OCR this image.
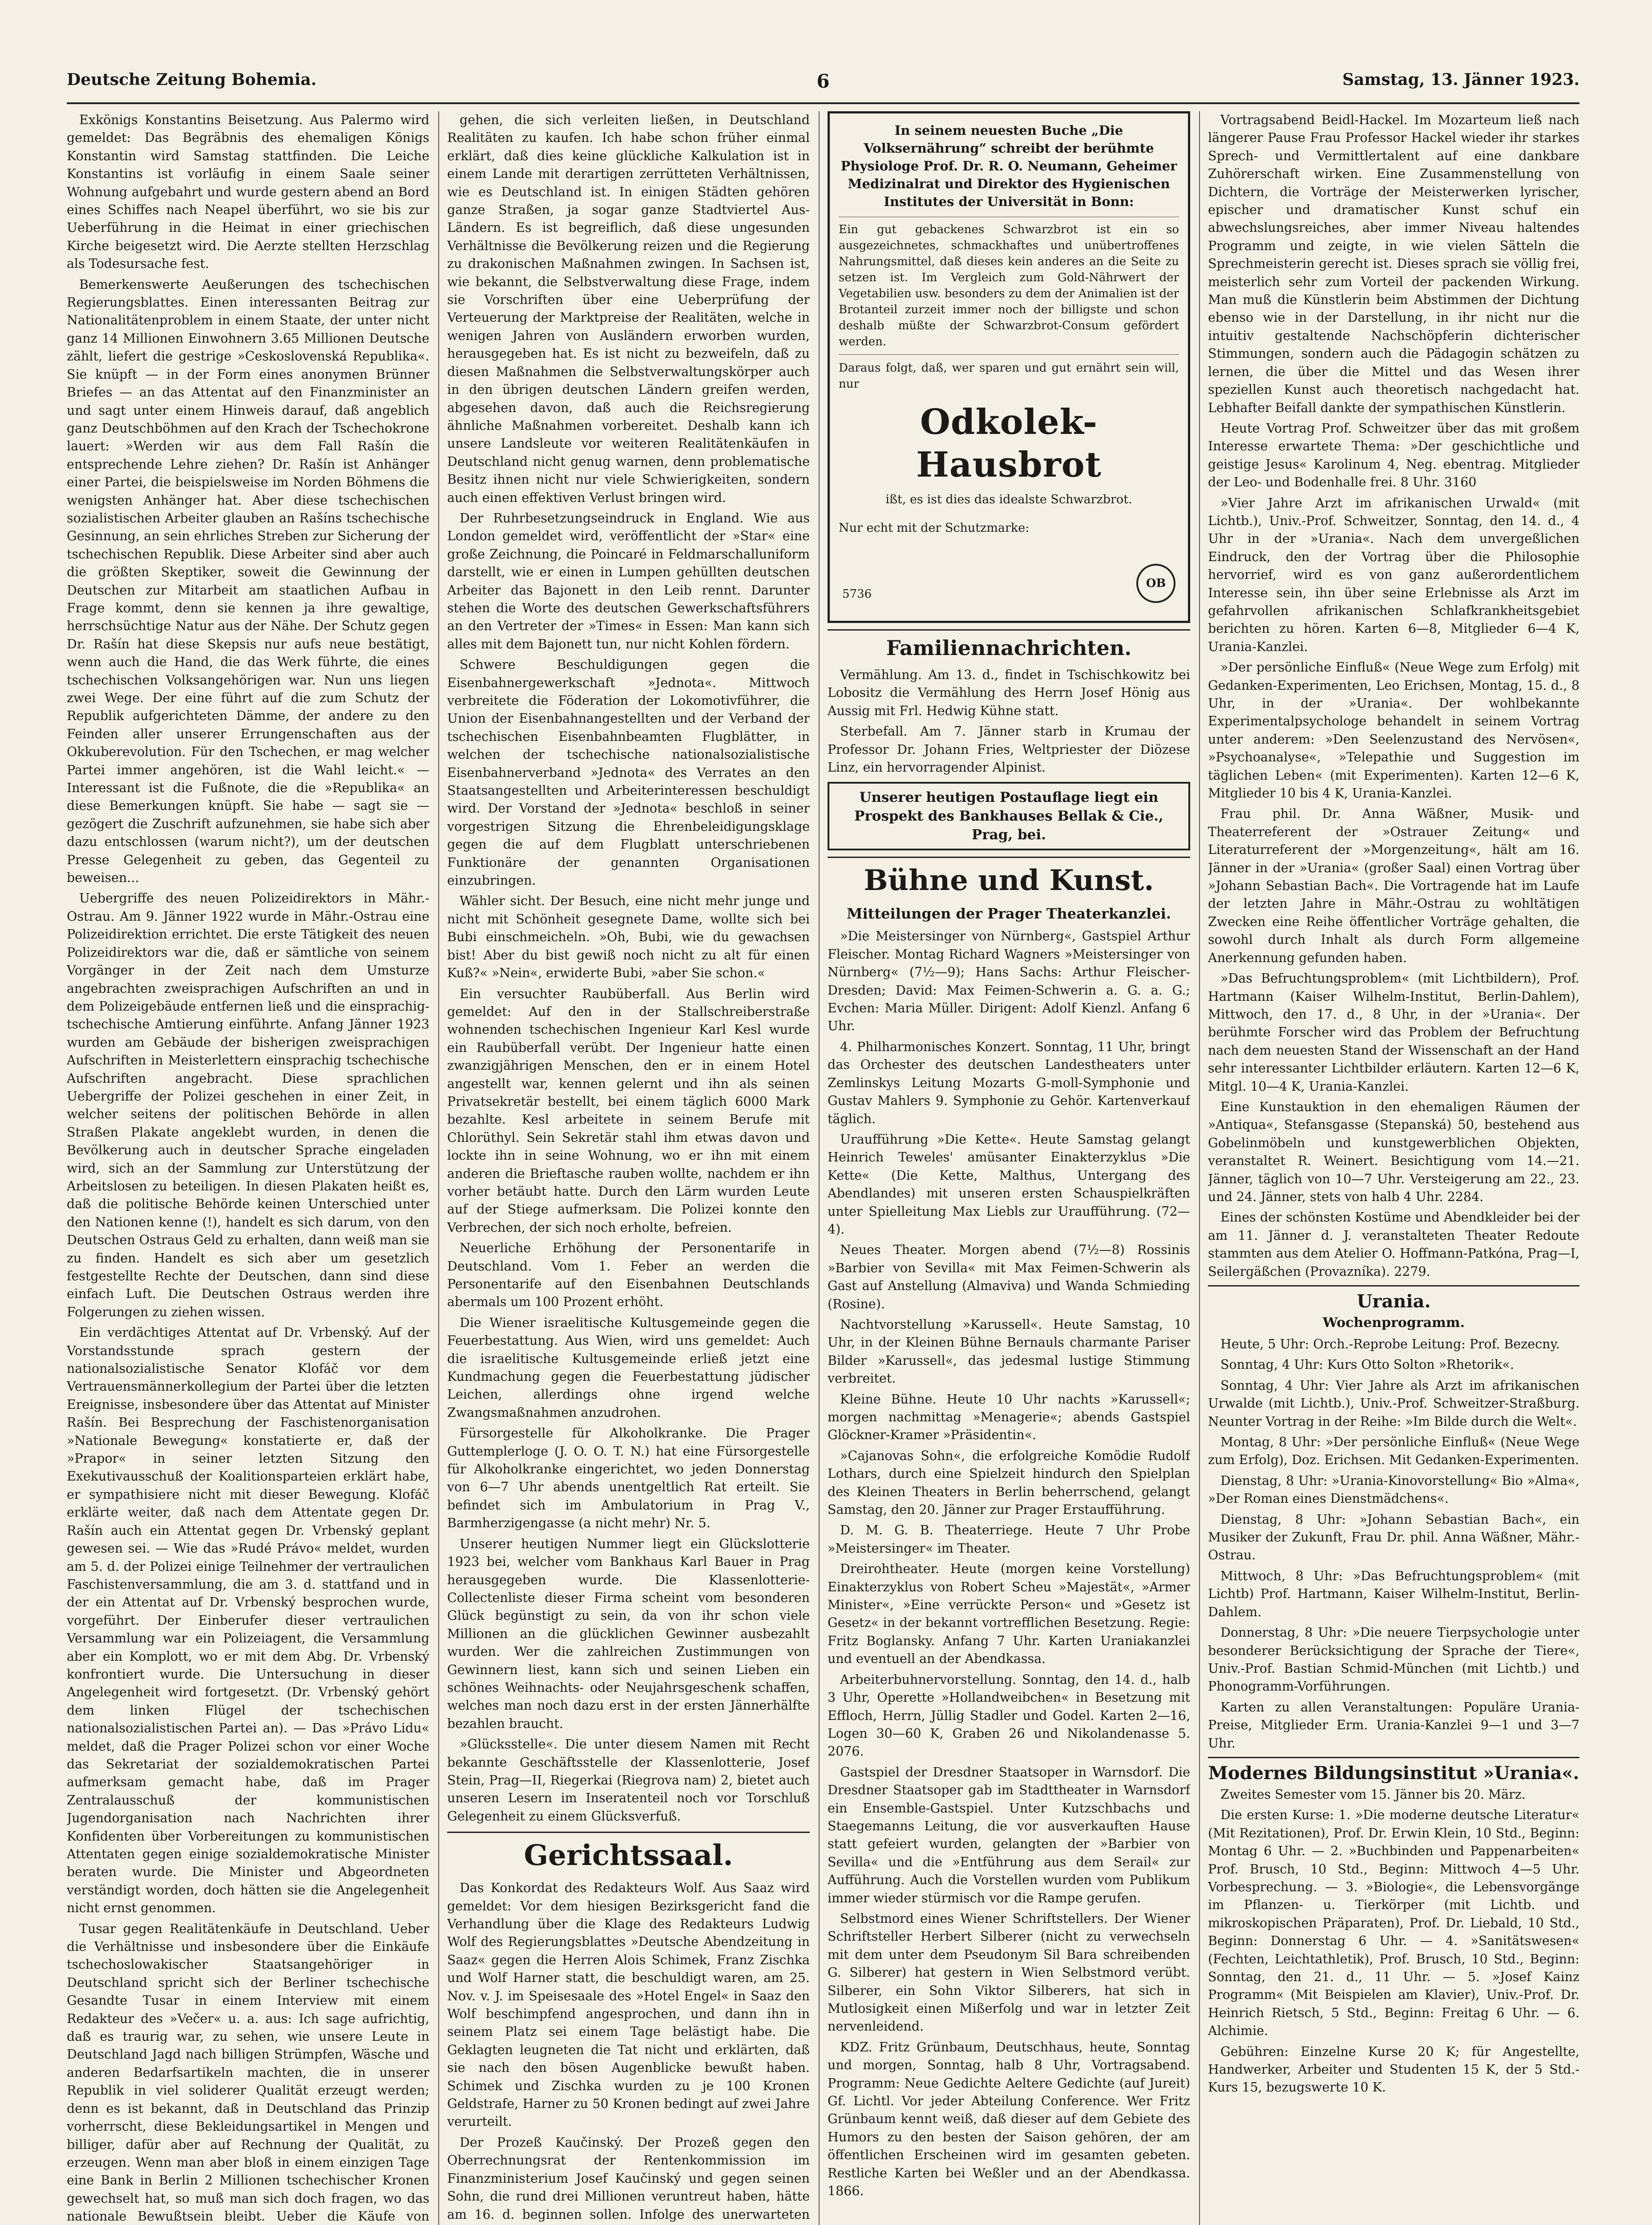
Deutsche Zeitung Bohemia.	6	Samstag, 13. Jänner 1923.

Exkönigs Konstantins Beisetzung. Aus Palermo wird gemeldet: Das Begräbnis des ehemaligen Königs Konstantin wird Samstag stattfinden. Die Leiche Konstantins ist vorläufig in einem Saale seiner Wohnung aufgebahrt und wurde gestern abend an Bord eines Schiffes nach Neapel überführt, wo sie bis zur Ueberführung in die Heimat in einer griechischen Kirche beigesetzt wird. Die Aerzte stellten Herzschlag als Todesursache fest.

Bemerkenswerte Aeußerungen des tschechischen Regierungsblattes. Einen interessanten Beitrag zur Nationalitätenproblem in einem Staate, der unter nicht ganz 14 Millionen Einwohnern 3.65 Millionen Deutsche zählt, liefert die gestrige »Ceskoslovenská Republika«. Sie knüpft — in der Form eines anonymen Brünner Briefes — an das Attentat auf den Finanzminister an und sagt unter einem Hinweis darauf, daß angeblich ganz Deutschböhmen auf den Krach der Tschechokrone lauert: »Werden wir aus dem Fall Rašín die entsprechende Lehre ziehen? Dr. Rašín ist Anhänger einer Partei, die beispielsweise im Norden Böhmens die wenigsten Anhänger hat. Aber diese tschechischen sozialistischen Arbeiter glauben an Rašíns tschechische Gesinnung, an sein ehrliches Streben zur Sicherung der tschechischen Republik. Diese Arbeiter sind aber auch die größten Skeptiker, soweit die Gewinnung der Deutschen zur Mitarbeit am staatlichen Aufbau in Frage kommt, denn sie kennen ja ihre gewaltige, herrschsüchtige Natur aus der Nähe. Der Schutz gegen Dr. Rašín hat diese Skepsis nur aufs neue bestätigt, wenn auch die Hand, die das Werk führte, die eines tschechischen Volksangehörigen war. Nun uns liegen zwei Wege. Der eine führt auf die zum Schutz der Republik aufgerichteten Dämme, der andere zu den Feinden aller unserer Errungenschaften aus der Okkuberevolution. Für den Tschechen, er mag welcher Partei immer angehören, ist die Wahl leicht.« — Interessant ist die Fußnote, die die »Republika« an diese Bemerkungen knüpft. Sie habe — sagt sie — gezögert die Zuschrift aufzunehmen, sie habe sich aber dazu entschlossen (warum nicht?), um der deutschen Presse Gelegenheit zu geben, das Gegenteil zu beweisen...

Uebergriffe des neuen Polizeidirektors in Mähr.-Ostrau. Am 9. Jänner 1922 wurde in Mähr.-Ostrau eine Polizeidirektion errichtet. Die erste Tätigkeit des neuen Polizeidirektors war die, daß er sämtliche von seinem Vorgänger in der Zeit nach dem Umsturze angebrachten zweisprachigen Aufschriften an und in dem Polizeigebäude entfernen ließ und die einsprachig-tschechische Amtierung einführte. Anfang Jänner 1923 wurden am Gebäude der bisherigen zweisprachigen Aufschriften in Meisterlettern einsprachig tschechische Aufschriften angebracht. Diese sprachlichen Uebergriffe der Polizei geschehen in einer Zeit, in welcher seitens der politischen Behörde in allen Straßen Plakate angeklebt wurden, in denen die Bevölkerung auch in deutscher Sprache eingeladen wird, sich an der Sammlung zur Unterstützung der Arbeitslosen zu beteiligen. In diesen Plakaten heißt es, daß die politische Behörde keinen Unterschied unter den Nationen kenne (!), handelt es sich darum, von den Deutschen Ostraus Geld zu erhalten, dann weiß man sie zu finden. Handelt es sich aber um gesetzlich festgestellte Rechte der Deutschen, dann sind diese einfach Luft. Die Deutschen Ostraus werden ihre Folgerungen zu ziehen wissen.

Ein verdächtiges Attentat auf Dr. Vrbenský. Auf der Vorstandsstunde sprach gestern der nationalsozialistische Senator Klofáč vor dem Vertrauensmännerkollegium der Partei über die letzten Ereignisse, insbesondere über das Attentat auf Minister Rašín. Bei Besprechung der Faschistenorganisation »Nationale Bewegung« konstatierte er, daß der »Prapor« in seiner letzten Sitzung den Exekutivausschuß der Koalitionsparteien erklärt habe, er sympathisiere nicht mit dieser Bewegung. Klofáč erklärte weiter, daß nach dem Attentate gegen Dr. Rašín auch ein Attentat gegen Dr. Vrbenský geplant gewesen sei. — Wie das »Rudé Právo« meldet, wurden am 5. d. der Polizei einige Teilnehmer der vertraulichen Faschistenversammlung, die am 3. d. stattfand und in der ein Attentat auf Dr. Vrbenský besprochen wurde, vorgeführt. Der Einberufer dieser vertraulichen Versammlung war ein Polizeiagent, die Versammlung aber ein Komplott, wo er mit dem Abg. Dr. Vrbenský konfrontiert wurde. Die Untersuchung in dieser Angelegenheit wird fortgesetzt. (Dr. Vrbenský gehört dem linken Flügel der tschechischen nationalsozialistischen Partei an). — Das »Právo Lidu« meldet, daß die Prager Polizei schon vor einer Woche das Sekretariat der sozialdemokratischen Partei aufmerksam gemacht habe, daß im Prager Zentralausschuß der kommunistischen Jugendorganisation nach Nachrichten ihrer Konfidenten über Vorbereitungen zu kommunistischen Attentaten gegen einige sozialdemokratische Minister beraten wurde. Die Minister und Abgeordneten verständigt worden, doch hätten sie die Angelegenheit nicht ernst genommen.

Tusar gegen Realitätenkäufe in Deutschland. Ueber die Verhältnisse und insbesondere über die Einkäufe tschechoslowakischer Staatsangehöriger in Deutschland spricht sich der Berliner tschechische Gesandte Tusar in einem Interview mit einem Redakteur des »Večer« u. a. aus: Ich sage aufrichtig, daß es traurig war, zu sehen, wie unsere Leute in Deutschland Jagd nach billigen Strümpfen, Wäsche und anderen Bedarfsartikeln machten, die in unserer Republik in viel soliderer Qualität erzeugt werden; denn es ist bekannt, daß in Deutschland das Prinzip vorherrscht, diese Bekleidungsartikel in Mengen und billiger, dafür aber auf Rechnung der Qualität, zu erzeugen. Wenn man aber bloß in einem einzigen Tage eine Bank in Berlin 2 Millionen tschechischer Kronen gewechselt hat, so muß man sich doch fragen, wo das nationale Bewußtsein bleibt. Ueber die Käufe von

gehen, die sich verleiten ließen, in Deutschland Realitäten zu kaufen. Ich habe schon früher einmal erklärt, daß dies keine glückliche Kalkulation ist in einem Lande mit derartigen zerrütteten Verhältnissen, wie es Deutschland ist. In einigen Städten gehören ganze Straßen, ja sogar ganze Stadtviertel Aus-Ländern. Es ist begreiflich, daß diese ungesunden Verhältnisse die Bevölkerung reizen und die Regierung zu drakonischen Maßnahmen zwingen. In Sachsen ist, wie bekannt, die Selbstverwaltung diese Frage, indem sie Vorschriften über eine Ueberprüfung der Verteuerung der Marktpreise der Realitäten, welche in wenigen Jahren von Ausländern erworben wurden, herausgegeben hat. Es ist nicht zu bezweifeln, daß zu diesen Maßnahmen die Selbstverwaltungskörper auch in den übrigen deutschen Ländern greifen werden, abgesehen davon, daß auch die Reichsregierung ähnliche Maßnahmen vorbereitet. Deshalb kann ich unsere Landsleute vor weiteren Realitätenkäufen in Deutschland nicht genug warnen, denn problematische Besitz ihnen nicht nur viele Schwierigkeiten, sondern auch einen effektiven Verlust bringen wird.

Der Ruhrbesetzungseindruck in England. Wie aus London gemeldet wird, veröffentlicht der »Star« eine große Zeichnung, die Poincaré in Feldmarschalluniform darstellt, wie er einen in Lumpen gehüllten deutschen Arbeiter das Bajonett in den Leib rennt. Darunter stehen die Worte des deutschen Gewerkschaftsführers an den Vertreter der »Times« in Essen: Man kann sich alles mit dem Bajonett tun, nur nicht Kohlen fördern.

Schwere Beschuldigungen gegen die Eisenbahnergewerkschaft »Jednota«. Mittwoch verbreitete die Föderation der Lokomotivführer, die Union der Eisenbahnangestellten und der Verband der tschechischen Eisenbahnbeamten Flugblätter, in welchen der tschechische nationalsozialistische Eisenbahnerverband »Jednota« des Verrates an den Staatsangestellten und Arbeiterinteressen beschuldigt wird. Der Vorstand der »Jednota« beschloß in seiner vorgestrigen Sitzung die Ehrenbeleidigungsklage gegen die auf dem Flugblatt unterschriebenen Funktionäre der genannten Organisationen einzubringen.

Wähler sicht. Der Besuch, eine nicht mehr junge und nicht mit Schönheit gesegnete Dame, wollte sich bei Bubi einschmeicheln. »Oh, Bubi, wie du gewachsen bist! Aber du bist gewiß noch nicht zu alt für einen Kuß?« »Nein«, erwiderte Bubi, »aber Sie schon.«

Ein versuchter Raubüberfall. Aus Berlin wird gemeldet: Auf den in der Stallschreiberstraße wohnenden tschechischen Ingenieur Karl Kesl wurde ein Raubüberfall verübt. Der Ingenieur hatte einen zwanzigjährigen Menschen, den er in einem Hotel angestellt war, kennen gelernt und ihn als seinen Privatsekretär bestellt, bei einem täglich 6000 Mark bezahlte. Kesl arbeitete in seinem Berufe mit Chlorüthyl. Sein Sekretär stahl ihm etwas davon und lockte ihn in seine Wohnung, wo er ihn mit einem anderen die Brieftasche rauben wollte, nachdem er ihn vorher betäubt hatte. Durch den Lärm wurden Leute auf der Stiege aufmerksam. Die Polizei konnte den Verbrechen, der sich noch erholte, befreien.

Neuerliche Erhöhung der Personentarife in Deutschland. Vom 1. Feber an werden die Personentarife auf den Eisenbahnen Deutschlands abermals um 100 Prozent erhöht.

Die Wiener israelitische Kultusgemeinde gegen die Feuerbestattung. Aus Wien, wird uns gemeldet: Auch die israelitische Kultusgemeinde erließ jetzt eine Kundmachung gegen die Feuerbestattung jüdischer Leichen, allerdings ohne irgend welche Zwangsmaßnahmen anzudrohen.

Fürsorgestelle für Alkoholkranke. Die Prager Guttemplerloge (J. O. O. T. N.) hat eine Fürsorgestelle für Alkoholkranke eingerichtet, wo jeden Donnerstag von 6—7 Uhr abends unentgeltlich Rat erteilt. Sie befindet sich im Ambulatorium in Prag V., Barmherzigengasse (a nicht mehr) Nr. 5.

Unserer heutigen Nummer liegt ein Glückslotterie 1923 bei, welcher vom Bankhaus Karl Bauer in Prag herausgegeben wurde. Die Klassenlotterie-Collectenliste dieser Firma scheint vom besonderen Glück begünstigt zu sein, da von ihr schon viele Millionen an die glücklichen Gewinner ausbezahlt wurden. Wer die zahlreichen Zustimmungen von Gewinnern liest, kann sich und seinen Lieben ein schönes Weihnachts- oder Neujahrsgeschenk schaffen, welches man noch dazu erst in der ersten Jännerhälfte bezahlen braucht.

»Glücksstelle«. Die unter diesem Namen mit Recht bekannte Geschäftsstelle der Klassenlotterie, Josef Stein, Prag—II, Riegerkai (Riegrova nam) 2, bietet auch unseren Lesern im Inseratenteil noch vor Torschluß Gelegenheit zu einem Glücksverfuß.

Gerichtssaal.

Das Konkordat des Redakteurs Wolf. Aus Saaz wird gemeldet: Vor dem hiesigen Bezirksgericht fand die Verhandlung über die Klage des Redakteurs Ludwig Wolf des Regierungsblattes »Deutsche Abendzeitung in Saaz« gegen die Herren Alois Schimek, Franz Zischka und Wolf Harner statt, die beschuldigt waren, am 25. Nov. v. J. im Speisesaale des »Hotel Engel« in Saaz den Wolf beschimpfend angesprochen, und dann ihn in seinem Platz sei einem Tage belästigt habe. Die Geklagten leugneten die Tat nicht und erklärten, daß sie nach den bösen Augenblicke bewußt haben. Schimek und Zischka wurden zu je 100 Kronen Geldstrafe, Harner zu 50 Kronen bedingt auf zwei Jahre verurteilt.

Der Prozeß Kaučinský. Der Prozeß gegen den Oberrechnungsrat der Rentenkommission im Finanzministerium Josef Kaučinský und gegen seinen Sohn, die rund drei Millionen veruntreut haben, hätte am 16. d. beginnen sollen. Infolge des unerwarteten

In seinem neuesten Buche „Die Volksernährung“ schreibt der berühmte Physiologe Prof. Dr. R. O. Neumann, Geheimer Medizinalrat und Direktor des Hygienischen Institutes der Universität in Bonn:
Ein gut gebackenes Schwarzbrot ist ein so ausgezeichnetes, schmackhaftes und unübertroffenes Nahrungsmittel, daß dieses kein anderes an die Seite zu setzen ist. Im Vergleich zum Gold-Nährwert der Vegetabilien usw. besonders zu dem der Animalien ist der Brotanteil zurzeit immer noch der billigste und schon deshalb müßte der Schwarzbrot-Consum gefördert werden.
Daraus folgt, daß, wer sparen und gut ernährt sein will, nur
Odkolek-Hausbrot
ißt, es ist dies das idealste Schwarzbrot.
Nur echt mit der Schutzmarke:
5736
OB
Familiennachrichten.

Vermählung. Am 13. d., findet in Tschischkowitz bei Lobositz die Vermählung des Herrn Josef Hönig aus Aussig mit Frl. Hedwig Kühne statt.

Sterbefall. Am 7. Jänner starb in Krumau der Professor Dr. Johann Fries, Weltpriester der Diözese Linz, ein hervorragender Alpinist.

Unserer heutigen Postauflage liegt ein Prospekt des Bankhauses Bellak & Cie., Prag, bei.
Bühne und Kunst.
Mitteilungen der Prager Theaterkanzlei.

»Die Meistersinger von Nürnberg«, Gastspiel Arthur Fleischer. Montag Richard Wagners »Meistersinger von Nürnberg« (7½—9); Hans Sachs: Arthur Fleischer-Dresden; David: Max Feimen-Schwerin a. G. a. G.; Evchen: Maria Müller. Dirigent: Adolf Kienzl. Anfang 6 Uhr.

4. Philharmonisches Konzert. Sonntag, 11 Uhr, bringt das Orchester des deutschen Landestheaters unter Zemlinskys Leitung Mozarts G-moll-Symphonie und Gustav Mahlers 9. Symphonie zu Gehör. Kartenverkauf täglich.

Uraufführung »Die Kette«. Heute Samstag gelangt Heinrich Teweles' amüsanter Einakterzyklus »Die Kette« (Die Kette, Malthus, Untergang des Abendlandes) mit unseren ersten Schauspielkräften unter Spielleitung Max Liebls zur Uraufführung. (72—4).

Neues Theater. Morgen abend (7½—8) Rossinis »Barbier von Sevilla« mit Max Feimen-Schwerin als Gast auf Anstellung (Almaviva) und Wanda Schmieding (Rosine).

Nachtvorstellung »Karussell«. Heute Samstag, 10 Uhr, in der Kleinen Bühne Bernauls charmante Pariser Bilder »Karussell«, das jedesmal lustige Stimmung verbreitet.

Kleine Bühne. Heute 10 Uhr nachts »Karussell«; morgen nachmittag »Menagerie«; abends Gastspiel Glöckner-Kramer »Präsidentin«.

»Cajanovas Sohn«, die erfolgreiche Komödie Rudolf Lothars, durch eine Spielzeit hindurch den Spielplan des Kleinen Theaters in Berlin beherrschend, gelangt Samstag, den 20. Jänner zur Prager Erstaufführung.

D. M. G. B. Theaterriege. Heute 7 Uhr Probe »Meistersinger« im Theater.

Dreirohtheater. Heute (morgen keine Vorstellung) Einakterzyklus von Robert Scheu »Majestät«, »Armer Minister«, »Eine verrückte Person« und »Gesetz ist Gesetz« in der bekannt vortrefflichen Besetzung. Regie: Fritz Boglansky. Anfang 7 Uhr. Karten Uraniakanzlei und eventuell an der Abendkassa.

Arbeiterbuhnervorstellung. Sonntag, den 14. d., halb 3 Uhr, Operette »Hollandweibchen« in Besetzung mit Effloch, Herrn, Jüllig Stadler und Godel. Karten 2—16, Logen 30—60 K, Graben 26 und Nikolandenasse 5. 2076.

Gastspiel der Dresdner Staatsoper in Warnsdorf. Die Dresdner Staatsoper gab im Stadttheater in Warnsdorf ein Ensemble-Gastspiel. Unter Kutzschbachs und Staegemanns Leitung, die vor ausverkauften Hause statt gefeiert wurden, gelangten der »Barbier von Sevilla« und die »Entführung aus dem Serail« zur Aufführung. Auch die Vorstellen wurden vom Publikum immer wieder stürmisch vor die Rampe gerufen.

Selbstmord eines Wiener Schriftstellers. Der Wiener Schriftsteller Herbert Silberer (nicht zu verwechseln mit dem unter dem Pseudonym Sil Bara schreibenden G. Silberer) hat gestern in Wien Selbstmord verübt. Silberer, ein Sohn Viktor Silberers, hat sich in Mutlosigkeit einen Mißerfolg und war in letzter Zeit nervenleidend.

KDZ. Fritz Grünbaum, Deutschhaus, heute, Sonntag und morgen, Sonntag, halb 8 Uhr, Vortragsabend. Programm: Neue Gedichte Aeltere Gedichte (auf Jureit) Gf. Lichtl. Vor jeder Abteilung Conference. Wer Fritz Grünbaum kennt weiß, daß dieser auf dem Gebiete des Humors zu den besten der Saison gehören, der am öffentlichen Erscheinen wird im gesamten gebeten. Restliche Karten bei Weßler und an der Abendkassa. 1866.

Vortragsabend Beidl-Hackel. Im Mozarteum ließ nach längerer Pause Frau Professor Hackel wieder ihr starkes Sprech- und Vermittlertalent auf eine dankbare Zuhörerschaft wirken. Eine Zusammenstellung von Dichtern, die Vorträge der Meisterwerken lyrischer, epischer und dramatischer Kunst schuf ein abwechslungsreiches, aber immer Niveau haltendes Programm und zeigte, in wie vielen Sätteln die Sprechmeisterin gerecht ist. Dieses sprach sie völlig frei, meisterlich sehr zum Vorteil der packenden Wirkung. Man muß die Künstlerin beim Abstimmen der Dichtung ebenso wie in der Darstellung, in ihr nicht nur die intuitiv gestaltende Nachschöpferin dichterischer Stimmungen, sondern auch die Pädagogin schätzen zu lernen, die über die Mittel und das Wesen ihrer speziellen Kunst auch theoretisch nachgedacht hat. Lebhafter Beifall dankte der sympathischen Künstlerin.

Heute Vortrag Prof. Schweitzer über das mit großem Interesse erwartete Thema: »Der geschichtliche und geistige Jesus« Karolinum 4, Neg. ebentrag. Mitglieder der Leo- und Bodenhalle frei. 8 Uhr. 3160

»Vier Jahre Arzt im afrikanischen Urwald« (mit Lichtb.), Univ.-Prof. Schweitzer, Sonntag, den 14. d., 4 Uhr in der »Urania«. Nach dem unvergeßlichen Eindruck, den der Vortrag über die Philosophie hervorrief, wird es von ganz außerordentlichem Interesse sein, ihn über seine Erlebnisse als Arzt im gefahrvollen afrikanischen Schlafkrankheitsgebiet berichten zu hören. Karten 6—8, Mitglieder 6—4 K, Urania-Kanzlei.

»Der persönliche Einfluß« (Neue Wege zum Erfolg) mit Gedanken-Experimenten, Leo Erichsen, Montag, 15. d., 8 Uhr, in der »Urania«. Der wohlbekannte Experimentalpsychologe behandelt in seinem Vortrag unter anderem: »Den Seelenzustand des Nervösen«, »Psychoanalyse«, »Telepathie und Suggestion im täglichen Leben« (mit Experimenten). Karten 12—6 K, Mitglieder 10 bis 4 K, Urania-Kanzlei.

Frau phil. Dr. Anna Wäßner, Musik- und Theaterreferent der »Ostrauer Zeitung« und Literaturreferent der »Morgenzeitung«, hält am 16. Jänner in der »Urania« (großer Saal) einen Vortrag über »Johann Sebastian Bach«. Die Vortragende hat im Laufe der letzten Jahre in Mähr.-Ostrau zu wohltätigen Zwecken eine Reihe öffentlicher Vorträge gehalten, die sowohl durch Inhalt als durch Form allgemeine Anerkennung gefunden haben.

»Das Befruchtungsproblem« (mit Lichtbildern), Prof. Hartmann (Kaiser Wilhelm-Institut, Berlin-Dahlem), Mittwoch, den 17. d., 8 Uhr, in der »Urania«. Der berühmte Forscher wird das Problem der Befruchtung nach dem neuesten Stand der Wissenschaft an der Hand sehr interessanter Lichtbilder erläutern. Karten 12—6 K, Mitgl. 10—4 K, Urania-Kanzlei.

Eine Kunstauktion in den ehemaligen Räumen der »Antiqua«, Stefansgasse (Stepanská) 50, bestehend aus Gobelinmöbeln und kunstgewerblichen Objekten, veranstaltet R. Weinert. Besichtigung vom 14.—21. Jänner, täglich von 10—7 Uhr. Versteigerung am 22., 23. und 24. Jänner, stets von halb 4 Uhr. 2284.

Eines der schönsten Kostüme und Abendkleider bei der am 11. Jänner d. J. veranstalteten Theater Redoute stammten aus dem Atelier O. Hoffmann-Patkóna, Prag—I, Seilergäßchen (Provazníka). 2279.

Urania.
Wochenprogramm.

Heute, 5 Uhr: Orch.-Reprobe Leitung: Prof. Bezecny.

Sonntag, 4 Uhr: Kurs Otto Solton »Rhetorik«.

Sonntag, 4 Uhr: Vier Jahre als Arzt im afrikanischen Urwalde (mit Lichtb.), Univ.-Prof. Schweitzer-Straßburg. Neunter Vortrag in der Reihe: »Im Bilde durch die Welt«.

Montag, 8 Uhr: »Der persönliche Einfluß« (Neue Wege zum Erfolg), Doz. Erichsen. Mit Gedanken-Experimenten.

Dienstag, 8 Uhr: »Urania-Kinovorstellung« Bio »Alma«, »Der Roman eines Dienstmädchens«.

Dienstag, 8 Uhr: »Johann Sebastian Bach«, ein Musiker der Zukunft, Frau Dr. phil. Anna Wäßner, Mähr.-Ostrau.

Mittwoch, 8 Uhr: »Das Befruchtungsproblem« (mit Lichtb) Prof. Hartmann, Kaiser Wilhelm-Institut, Berlin-Dahlem.

Donnerstag, 8 Uhr: »Die neuere Tierpsychologie unter besonderer Berücksichtigung der Sprache der Tiere«, Univ.-Prof. Bastian Schmid-München (mit Lichtb.) und Phonogramm-Vorführungen.

Karten zu allen Veranstaltungen: Populäre Urania-Preise, Mitglieder Erm. Urania-Kanzlei 9—1 und 3—7 Uhr.

Modernes Bildungsinstitut »Urania«.

Zweites Semester vom 15. Jänner bis 20. März.

Die ersten Kurse: 1. »Die moderne deutsche Literatur« (Mit Rezitationen), Prof. Dr. Erwin Klein, 10 Std., Beginn: Montag 6 Uhr. — 2. »Buchbinden und Pappenarbeiten« Prof. Brusch, 10 Std., Beginn: Mittwoch 4—5 Uhr. Vorbesprechung. — 3. »Biologie«, die Lebensvorgänge im Pflanzen- u. Tierkörper (mit Lichtb. und mikroskopischen Präparaten), Prof. Dr. Liebald, 10 Std., Beginn: Donnerstag 6 Uhr. — 4. »Sanitätswesen« (Fechten, Leichtathletik), Prof. Brusch, 10 Std., Beginn: Sonntag, den 21. d., 11 Uhr. — 5. »Josef Kainz Programm« (Mit Beispielen am Klavier), Univ.-Prof. Dr. Heinrich Rietsch, 5 Std., Beginn: Freitag 6 Uhr. — 6. Alchimie.

Gebühren: Einzelne Kurse 20 K; für Angestellte, Handwerker, Arbeiter und Studenten 15 K, der 5 Std.-Kurs 15, bezugswerte 10 K.
